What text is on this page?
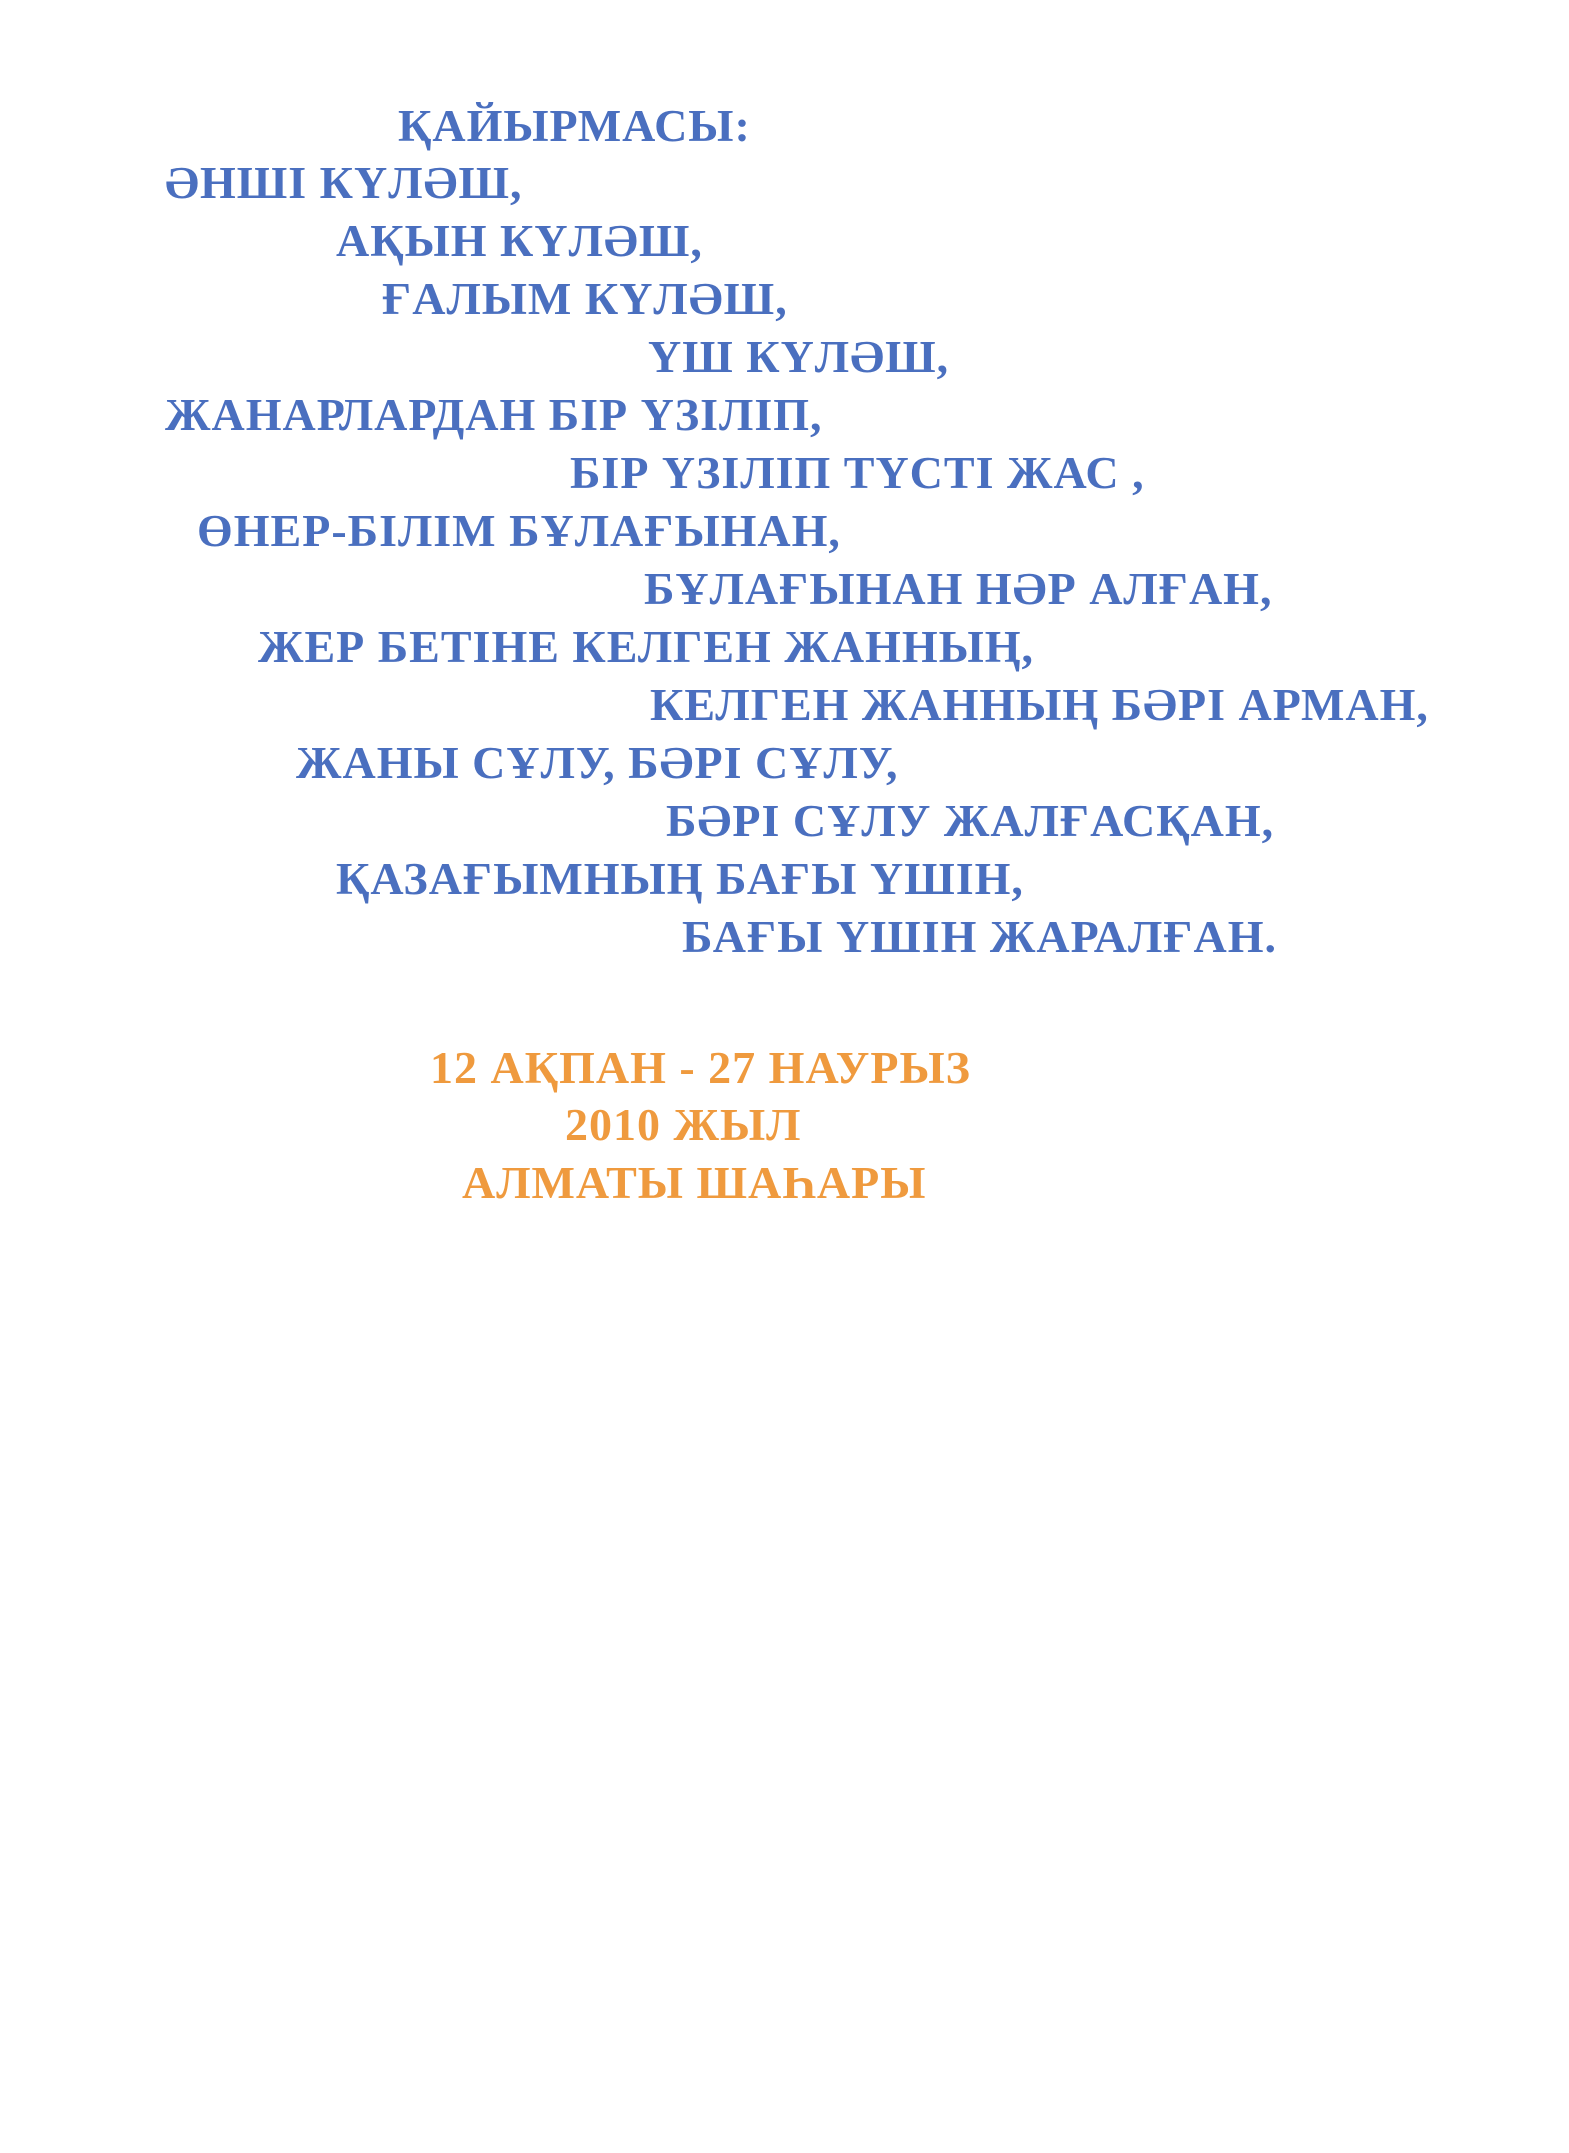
ҚАЙЫРМАСЫ:
ӘНШІ КҮЛӘШ,
АҚЫН КҮЛӘШ,
ҒАЛЫМ КҮЛӘШ,
ҮШ КҮЛӘШ,
ЖАНАРЛАРДАН БІР ҮЗІЛІП,
БІР ҮЗІЛІП ТҮСТІ ЖАС ,
ӨНЕР-БІЛІМ БҰЛАҒЫНАН,
БҰЛАҒЫНАН НӘР АЛҒАН,
ЖЕР БЕТІНЕ КЕЛГЕН ЖАННЫҢ,
КЕЛГЕН ЖАННЫҢ БӘРІ АРМАН,
ЖАНЫ СҰЛУ, БӘРІ СҰЛУ,
БӘРІ СҰЛУ ЖАЛҒАСҚАН,
ҚАЗАҒЫМНЫҢ БАҒЫ ҮШІН,
БАҒЫ ҮШІН ЖАРАЛҒАН.
12 АҚПАН - 27 НАУРЫЗ
2010 ЖЫЛ
АЛМАТЫ ШАҺАРЫ
